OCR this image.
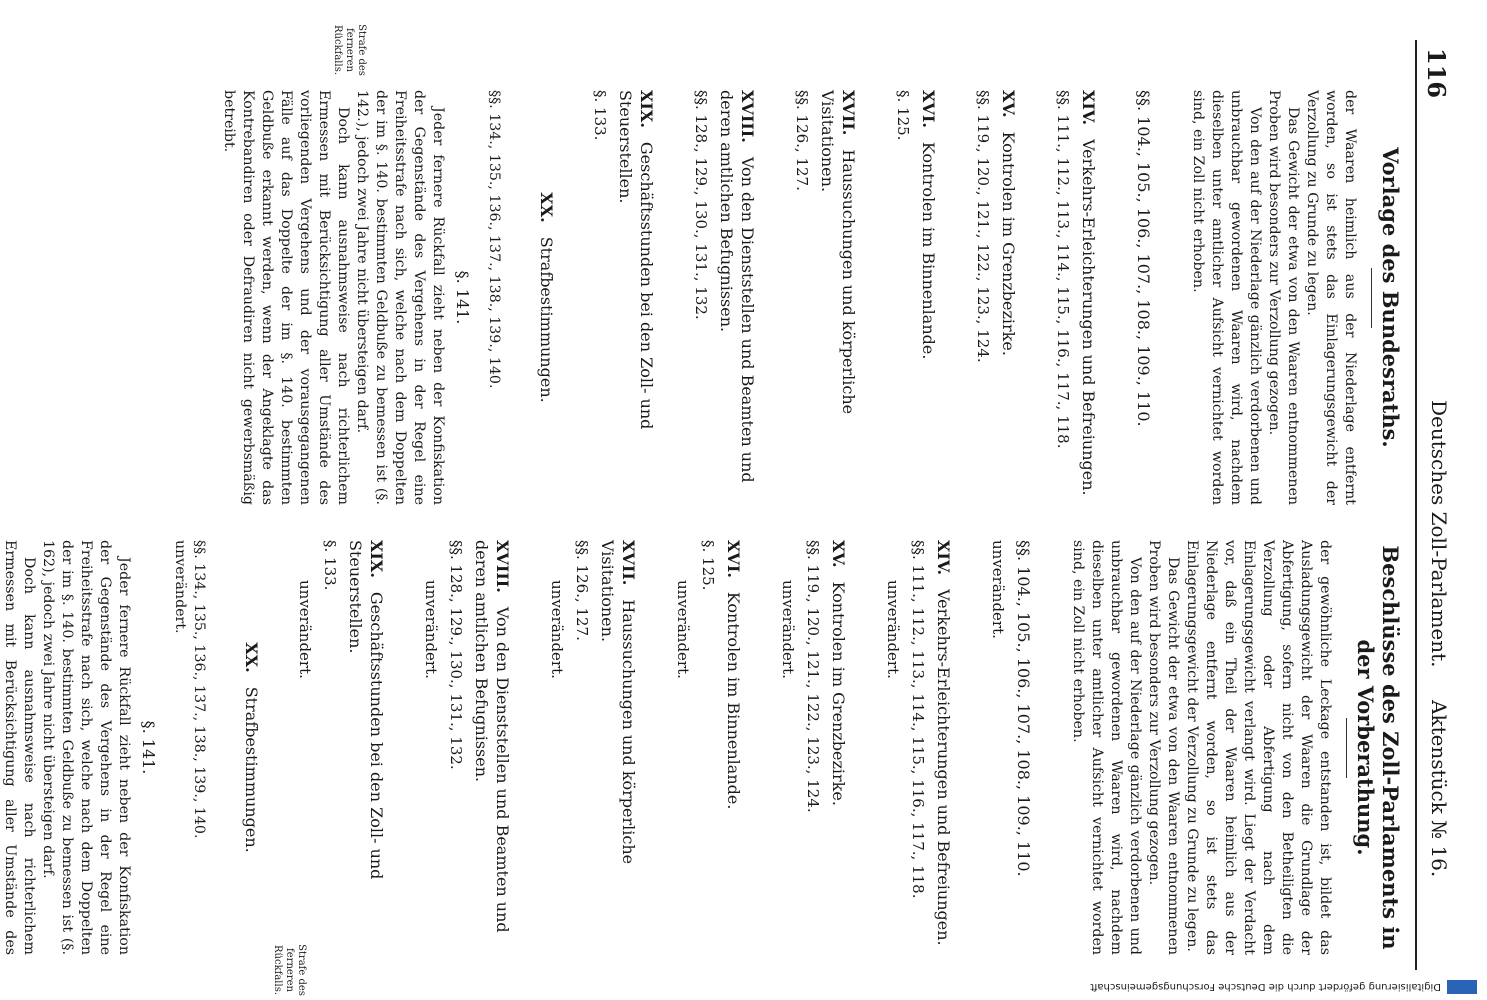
116
Deutsches Zoll-Parlament.
Aktenstück № 16.
Strafe des ferneren Rückfalls.
Strafe des ferneren Rückfalls.
Vorlage des Bundesraths.

der Waaren heimlich aus der Niederlage entfernt worden, so ist stets das Einlagerungsgewicht der Verzollung zu Grunde zu legen.

Das Gewicht der etwa von den Waaren entnommenen Proben wird besonders zur Verzollung gezogen.

Von den auf der Niederlage gänzlich verdorbenen und unbrauchbar gewordenen Waaren wird, nachdem dieselben unter amtlicher Aufsicht vernichtet worden sind, ein Zoll nicht erhoben.

§§. 104., 105., 106., 107., 108., 109., 110.
XIV.Verkehrs-Erleichterungen und Befreiungen.
§§. 111., 112., 113., 114., 115., 116., 117., 118.
XV.Kontrolen im Grenzbezirke.
§§. 119., 120., 121., 122., 123., 124.
XVI.Kontrolen im Binnenlande.
§. 125.
XVII.Haussuchungen und körperliche Visitationen.
§§. 126., 127.
XVIII.Von den Dienststellen und Beamten und deren amtlichen Befugnissen.
§§. 128., 129., 130., 131., 132.
XIX.Geschäftsstunden bei den Zoll- und Steuerstellen.
§. 133.
XX.Strafbestimmungen.
§§. 134., 135., 136., 137., 138., 139., 140.
§. 141.

Jeder fernere Rückfall zieht neben der Konfiskation der Gegenstände des Vergehens in der Regel eine Freiheitsstrafe nach sich, welche nach dem Doppelten der im §. 140. bestimmten Geldbuße zu bemessen ist (§. 142.), jedoch zwei Jahre nicht übersteigen darf.

Doch kann ausnahmsweise nach richterlichem Ermessen mit Berücksichtigung aller Umstände des vorliegenden Vergehens und der vorausgegangenen Fälle auf das Doppelte der im §. 140. bestimmten Geldbuße erkannt werden, wenn der Angeklagte das Kontrebandiren oder Defraudiren nicht gewerbsmäßig betreibt.

Beschlüsse des Zoll-Parlaments in der Vorberathung.

der gewöhnliche Leckage entstanden ist, bildet das Ausladungsgewicht der Waaren die Grundlage der Abfertigung, sofern nicht von den Betheiligten die Verzollung oder Abfertigung nach dem Einlagerungsgewicht verlangt wird. Liegt der Verdacht vor, daß ein Theil der Waaren heimlich aus der Niederlage entfernt worden, so ist stets das Einlagerungsgewicht der Verzollung zu Grunde zu legen.

Das Gewicht der etwa von den Waaren entnommenen Proben wird besonders zur Verzollung gezogen.

Von den auf der Niederlage gänzlich verdorbenen und unbrauchbar gewordenen Waaren wird, nachdem dieselben unter amtlicher Aufsicht vernichtet worden sind, ein Zoll nicht erhoben.

§§. 104., 105., 106., 107., 108., 109., 110.
unverändert.
XIV.Verkehrs-Erleichterungen und Befreiungen.
§§. 111., 112., 113., 114., 115., 116., 117., 118.
unverändert.
XV.Kontrolen im Grenzbezirke.
§§. 119., 120., 121., 122., 123., 124.
unverändert.
XVI.Kontrolen im Binnenlande.
§. 125.
unverändert.
XVII.Haussuchungen und körperliche Visitationen.
§§. 126., 127.
unverändert.
XVIII.Von den Dienststellen und Beamten und deren amtlichen Befugnissen.
§§. 128., 129., 130., 131., 132.
unverändert.
XIX.Geschäftsstunden bei den Zoll- und Steuerstellen.
§. 133.
unverändert.
XX.Strafbestimmungen.
§§. 134., 135., 136., 137., 138., 139., 140.
unverändert.
§. 141.

Jeder fernere Rückfall zieht neben der Konfiskation der Gegenstände des Vergehens in der Regel eine Freiheitsstrafe nach sich, welche nach dem Doppelten der im §. 140. bestimmten Geldbuße zu bemessen ist (§. 162), jedoch zwei Jahre nicht übersteigen darf.

Doch kann ausnahmsweise nach richterlichem Ermessen mit Berücksichtigung aller Umstände des

Digitalisierung gefördert durch die Deutsche Forschungsgemeinschaft
